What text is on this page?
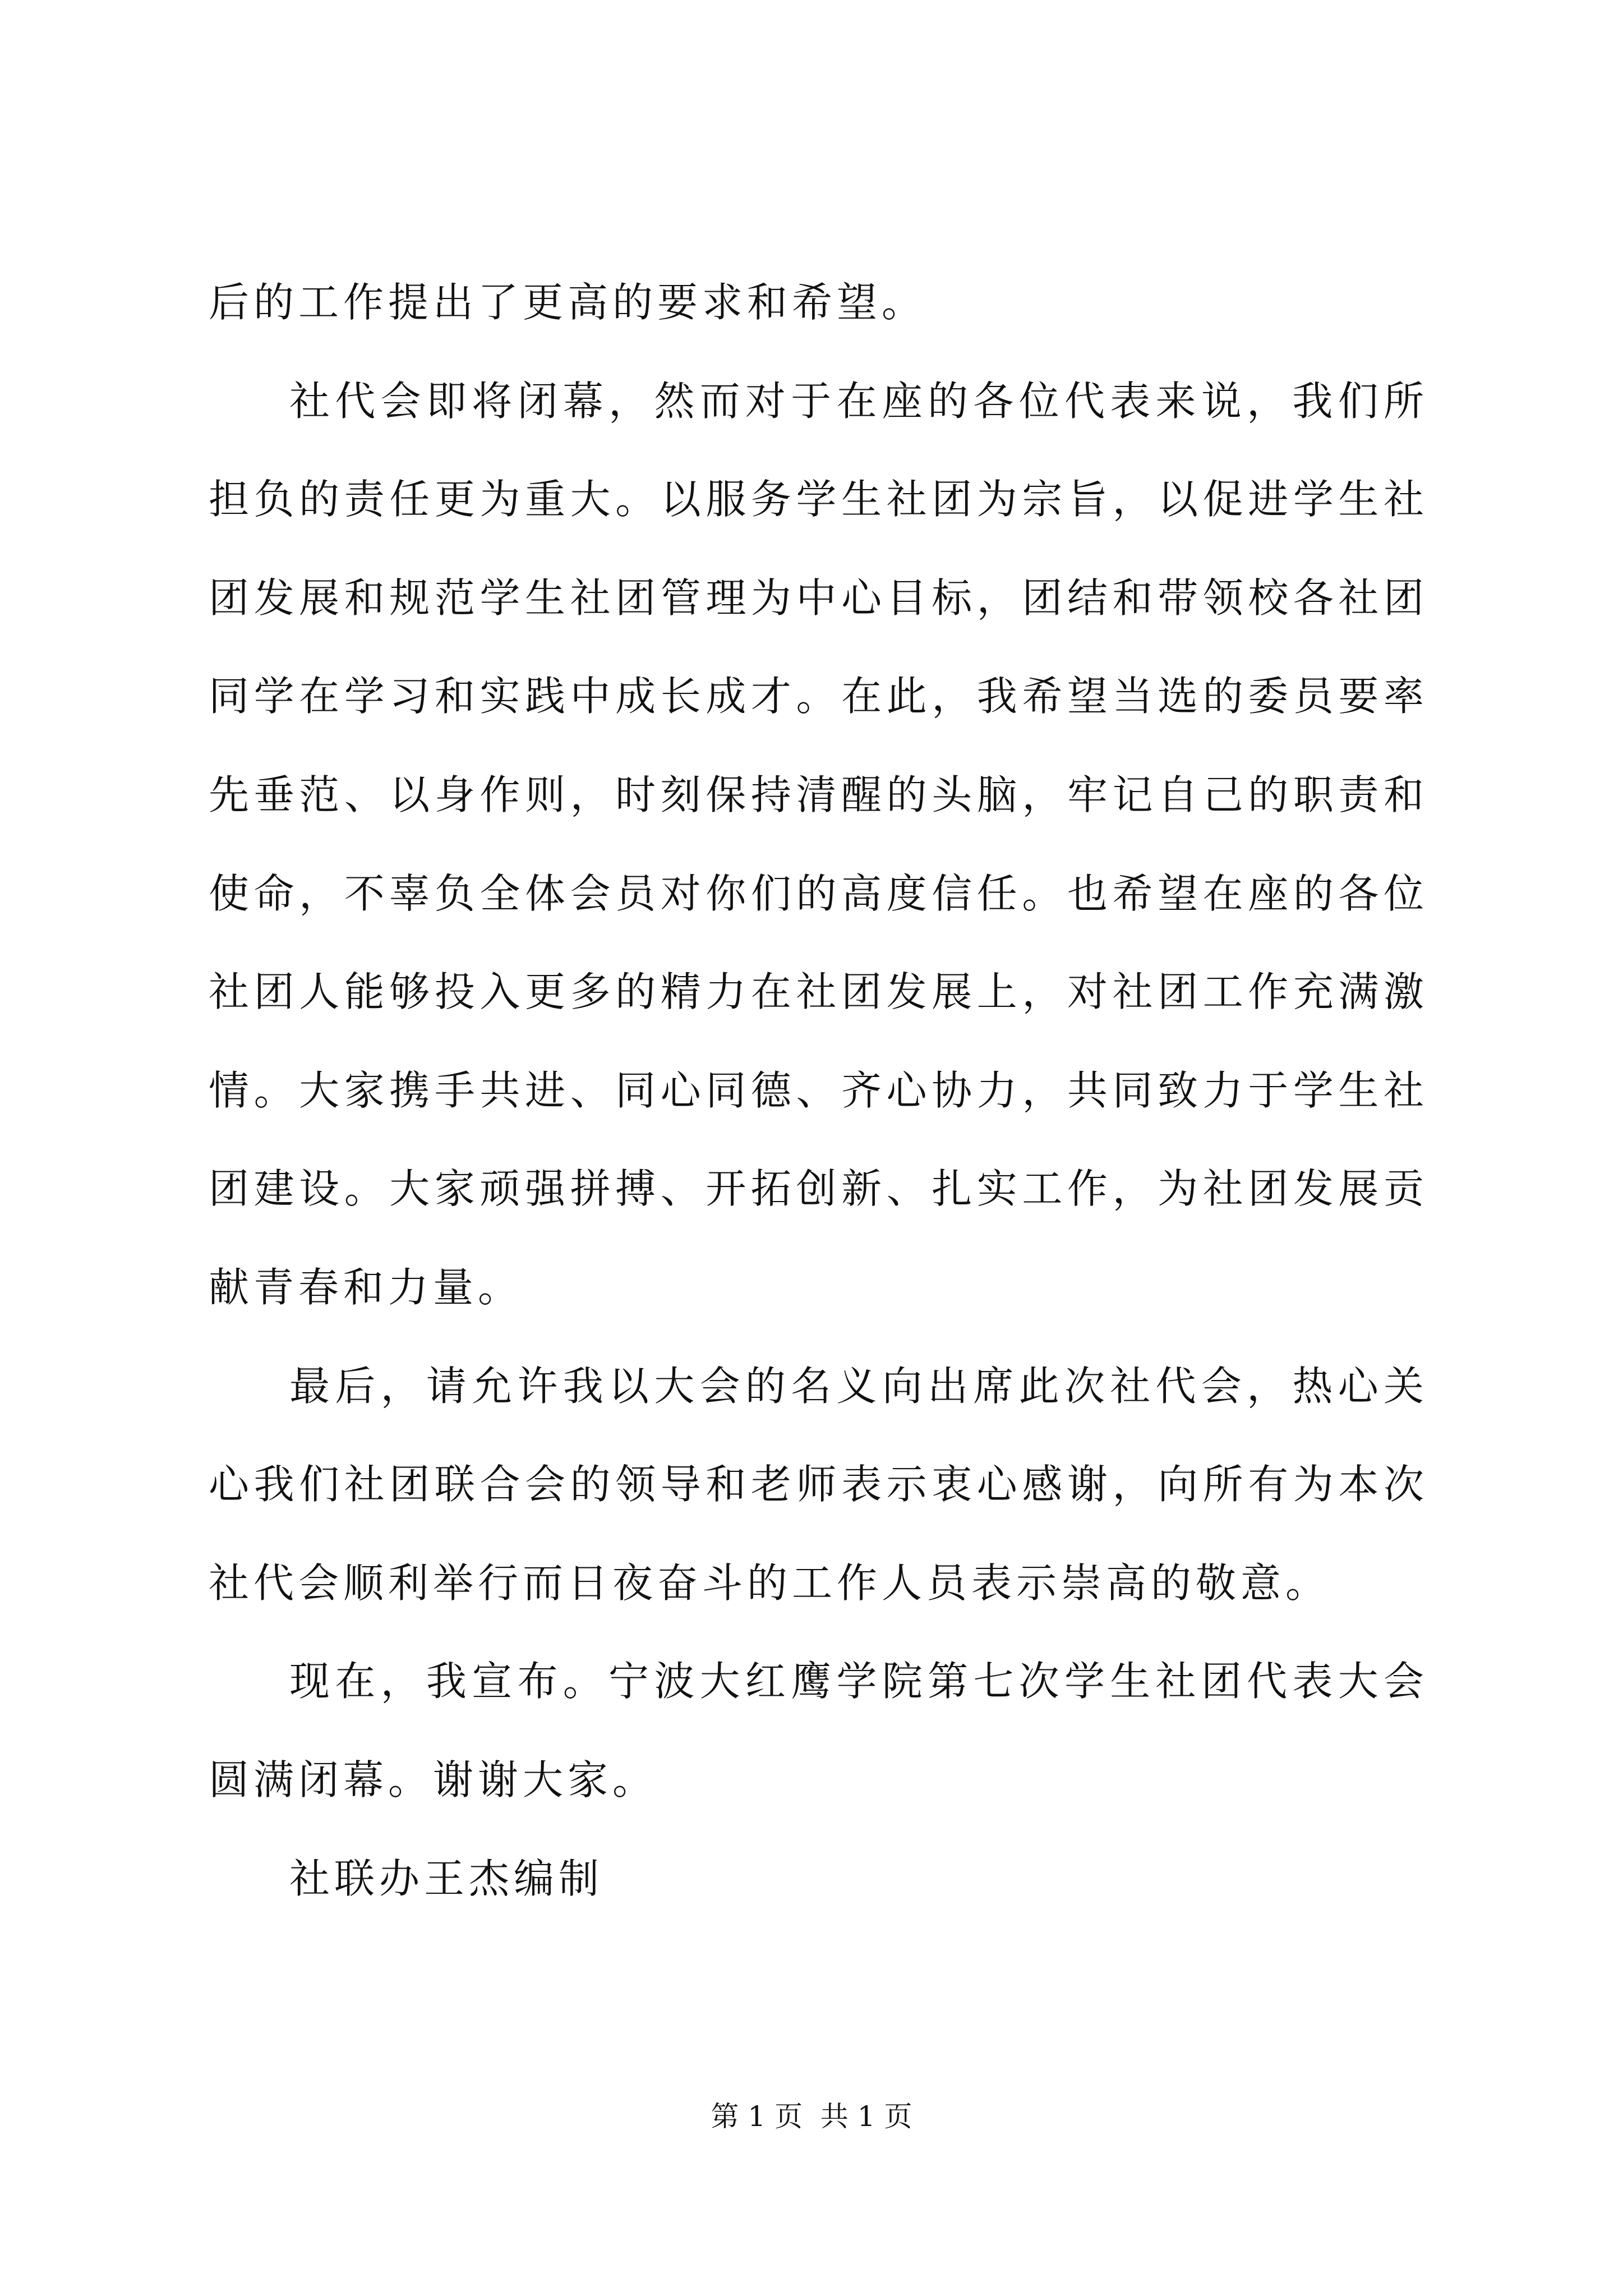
后的工作提出了更高的要求和希望。

社代会即将闭幕，然而对于在座的各位代表来说，我们所担负的责任更为重大。以服务学生社团为宗旨，以促进学生社团发展和规范学生社团管理为中心目标，团结和带领校各社团同学在学习和实践中成长成才。在此，我希望当选的委员要率先垂范、以身作则，时刻保持清醒的头脑，牢记自己的职责和使命，不辜负全体会员对你们的高度信任。也希望在座的各位社团人能够投入更多的精力在社团发展上，对社团工作充满激情。大家携手共进、同心同德、齐心协力，共同致力于学生社团建设。大家顽强拼搏、开拓创新、扎实工作，为社团发展贡献青春和力量。

最后，请允许我以大会的名义向出席此次社代会，热心关心我们社团联合会的领导和老师表示衷心感谢，向所有为本次社代会顺利举行而日夜奋斗的工作人员表示崇高的敬意。

现在，我宣布。宁波大红鹰学院第七次学生社团代表大会圆满闭幕。谢谢大家。

社联办王杰编制

第 1 页  共 1 页
